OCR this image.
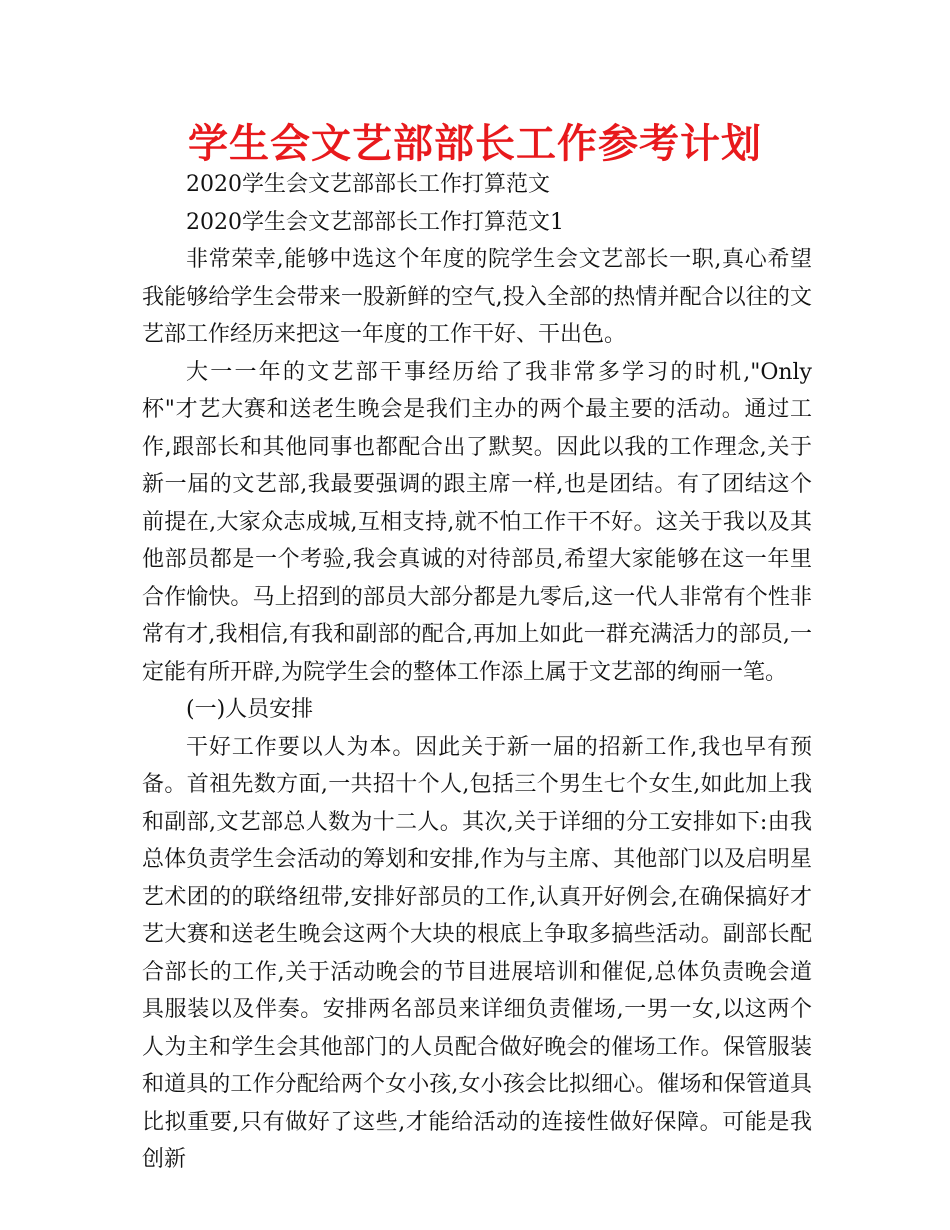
学生会文艺部部长工作参考计划

2020学生会文艺部部长工作打算范文

2020学生会文艺部部长工作打算范文1

非常荣幸,能够中选这个年度的院学生会文艺部长一职,真心希望我能够给学生会带来一股新鲜的空气,投入全部的热情并配合以往的文艺部工作经历来把这一年度的工作干好、干出色。

大一一年的文艺部干事经历给了我非常多学习的时机,"Only杯"才艺大赛和送老生晚会是我们主办的两个最主要的活动。通过工作,跟部长和其他同事也都配合出了默契。因此以我的工作理念,关于新一届的文艺部,我最要强调的跟主席一样,也是团结。有了团结这个前提在,大家众志成城,互相支持,就不怕工作干不好。这关于我以及其他部员都是一个考验,我会真诚的对待部员,希望大家能够在这一年里合作愉快。马上招到的部员大部分都是九零后,这一代人非常有个性非常有才,我相信,有我和副部的配合,再加上如此一群充满活力的部员,一定能有所开辟,为院学生会的整体工作添上属于文艺部的绚丽一笔。

(一)人员安排

干好工作要以人为本。因此关于新一届的招新工作,我也早有预备。首祖先数方面,一共招十个人,包括三个男生七个女生,如此加上我和副部,文艺部总人数为十二人。其次,关于详细的分工安排如下:由我总体负责学生会活动的筹划和安排,作为与主席、其他部门以及启明星艺术团的的联络纽带,安排好部员的工作,认真开好例会,在确保搞好才艺大赛和送老生晚会这两个大块的根底上争取多搞些活动。副部长配合部长的工作,关于活动晚会的节目进展培训和催促,总体负责晚会道具服装以及伴奏。安排两名部员来详细负责催场,一男一女,以这两个人为主和学生会其他部门的人员配合做好晚会的催场工作。保管服装和道具的工作分配给两个女小孩,女小孩会比拟细心。催场和保管道具比拟重要,只有做好了这些,才能给活动的连接性做好保障。可能是我创新
